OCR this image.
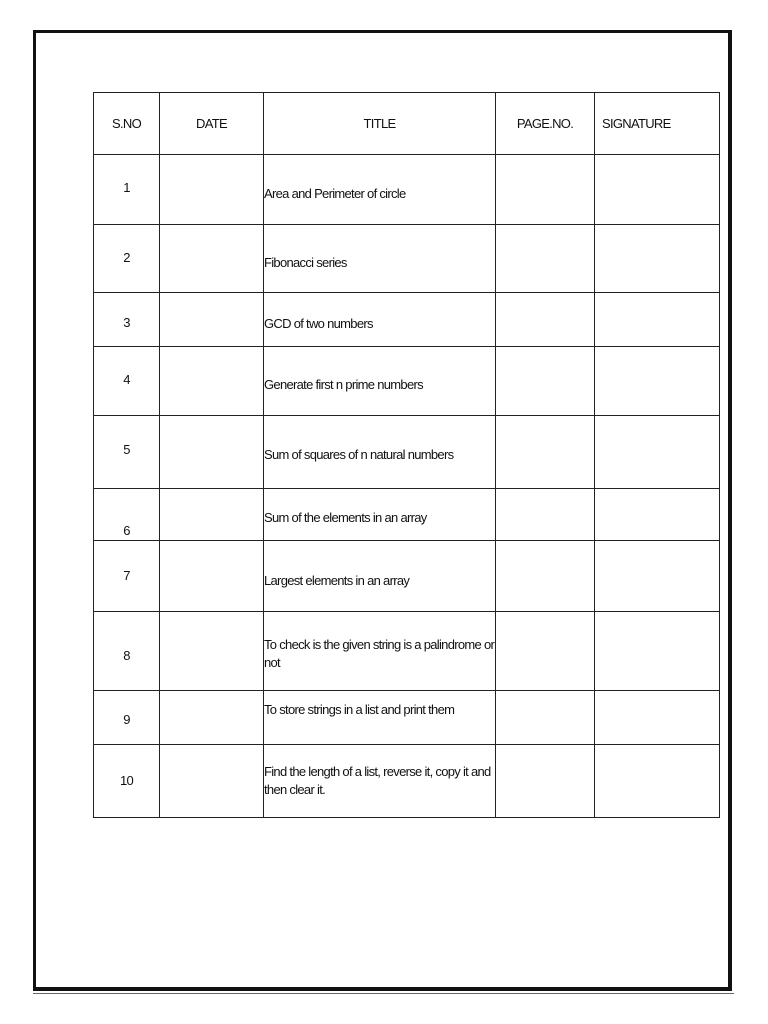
S.NO	DATE	TITLE	PAGE.NO.	SIGNATURE
1		Area and Perimeter of circle		
2		Fibonacci series		
3		GCD of two numbers		
4		Generate first n prime numbers		
5		Sum of squares of n natural numbers		
6		Sum of the elements in an array		
7		Largest elements in an array		
8		To check is the given string is a palindrome or not		
9		To store strings in a list and print them		
10		Find the length of a list, reverse it, copy it and then clear it.		
